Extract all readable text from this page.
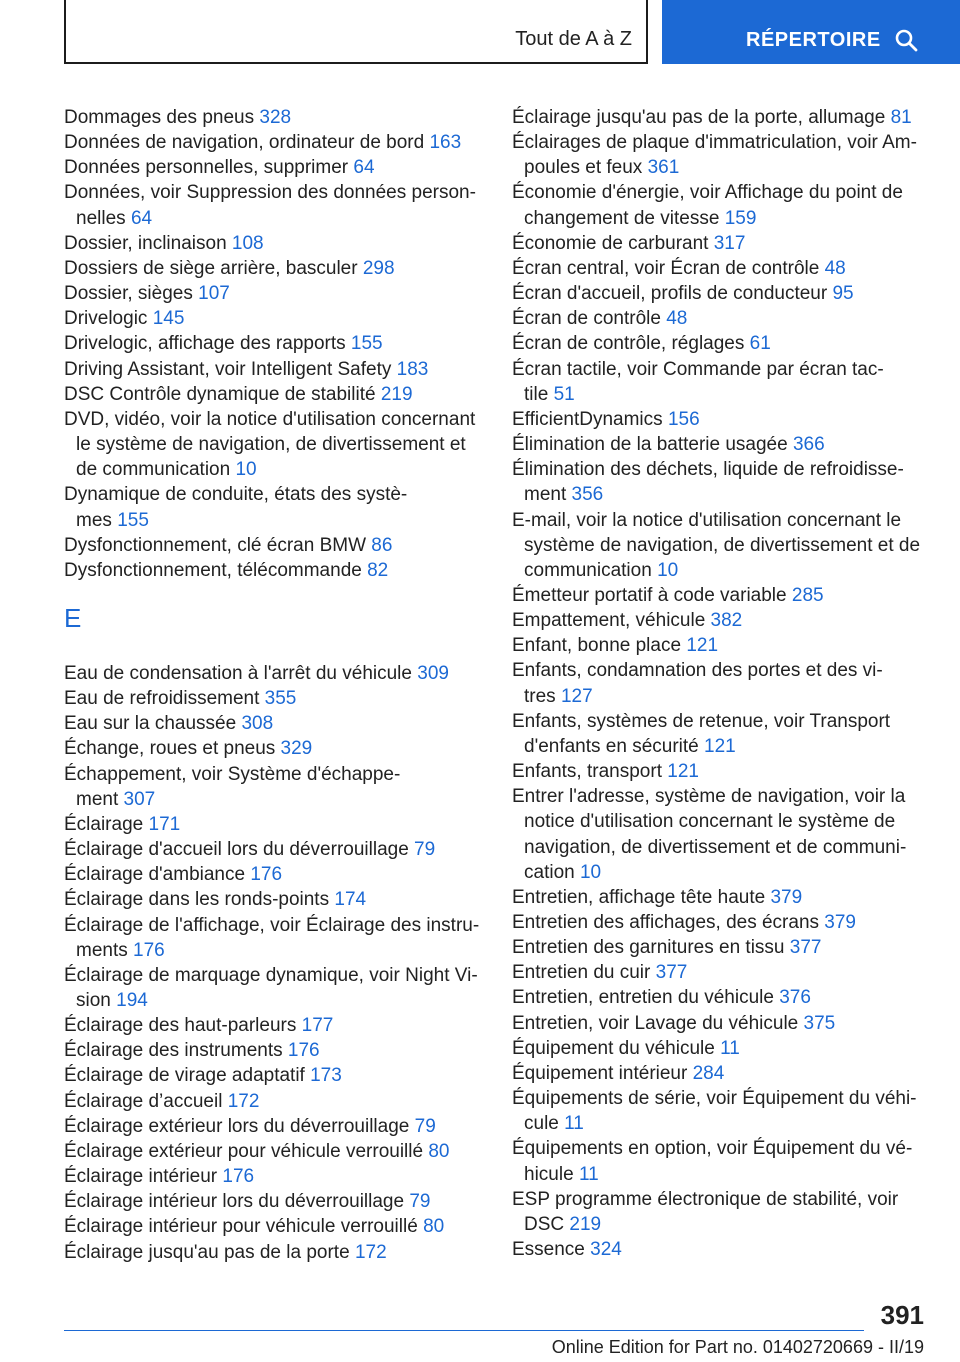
Tout de A à Z	RÉPERTOIRE
Dommages des pneus 328
Données de navigation, ordinateur de bord 163
Données personnelles, supprimer 64
Données, voir Suppression des données person-
nelles 64
Dossier, inclinaison 108
Dossiers de siège arrière, basculer 298
Dossier, sièges 107
Drivelogic 145
Drivelogic, affichage des rapports 155
Driving Assistant, voir Intelligent Safety 183
DSC Contrôle dynamique de stabilité 219
DVD, vidéo, voir la notice d'utilisation concernant
le système de navigation, de divertissement et
de communication 10
Dynamique de conduite, états des systè-
mes 155
Dysfonctionnement, clé écran BMW 86
Dysfonctionnement, télécommande 82
E
Eau de condensation à l'arrêt du véhicule 309
Eau de refroidissement 355
Eau sur la chaussée 308
Échange, roues et pneus 329
Échappement, voir Système d'échappe-
ment 307
Éclairage 171
Éclairage d'accueil lors du déverrouillage 79
Éclairage d'ambiance 176
Éclairage dans les ronds-points 174
Éclairage de l'affichage, voir Éclairage des instru-
ments 176
Éclairage de marquage dynamique, voir Night Vi-
sion 194
Éclairage des haut-parleurs 177
Éclairage des instruments 176
Éclairage de virage adaptatif 173
Éclairage d’accueil 172
Éclairage extérieur lors du déverrouillage 79
Éclairage extérieur pour véhicule verrouillé 80
Éclairage intérieur 176
Éclairage intérieur lors du déverrouillage 79
Éclairage intérieur pour véhicule verrouillé 80
Éclairage jusqu'au pas de la porte 172
Éclairage jusqu'au pas de la porte, allumage 81
Éclairages de plaque d'immatriculation, voir Am-
poules et feux 361
Économie d'énergie, voir Affichage du point de
changement de vitesse 159
Économie de carburant 317
Écran central, voir Écran de contrôle 48
Écran d'accueil, profils de conducteur 95
Écran de contrôle 48
Écran de contrôle, réglages 61
Écran tactile, voir Commande par écran tac-
tile 51
EfficientDynamics 156
Élimination de la batterie usagée 366
Élimination des déchets, liquide de refroidisse-
ment 356
E-mail, voir la notice d'utilisation concernant le
système de navigation, de divertissement et de
communication 10
Émetteur portatif à code variable 285
Empattement, véhicule 382
Enfant, bonne place 121
Enfants, condamnation des portes et des vi-
tres 127
Enfants, systèmes de retenue, voir Transport
d'enfants en sécurité 121
Enfants, transport 121
Entrer l'adresse, système de navigation, voir la
notice d'utilisation concernant le système de
navigation, de divertissement et de communi-
cation 10
Entretien, affichage tête haute 379
Entretien des affichages, des écrans 379
Entretien des garnitures en tissu 377
Entretien du cuir 377
Entretien, entretien du véhicule 376
Entretien, voir Lavage du véhicule 375
Équipement du véhicule 11
Équipement intérieur 284
Équipements de série, voir Équipement du véhi-
cule 11
Équipements en option, voir Équipement du vé-
hicule 11
ESP programme électronique de stabilité, voir
DSC 219
Essence 324
391
Online Edition for Part no. 01402720669 - II/19
